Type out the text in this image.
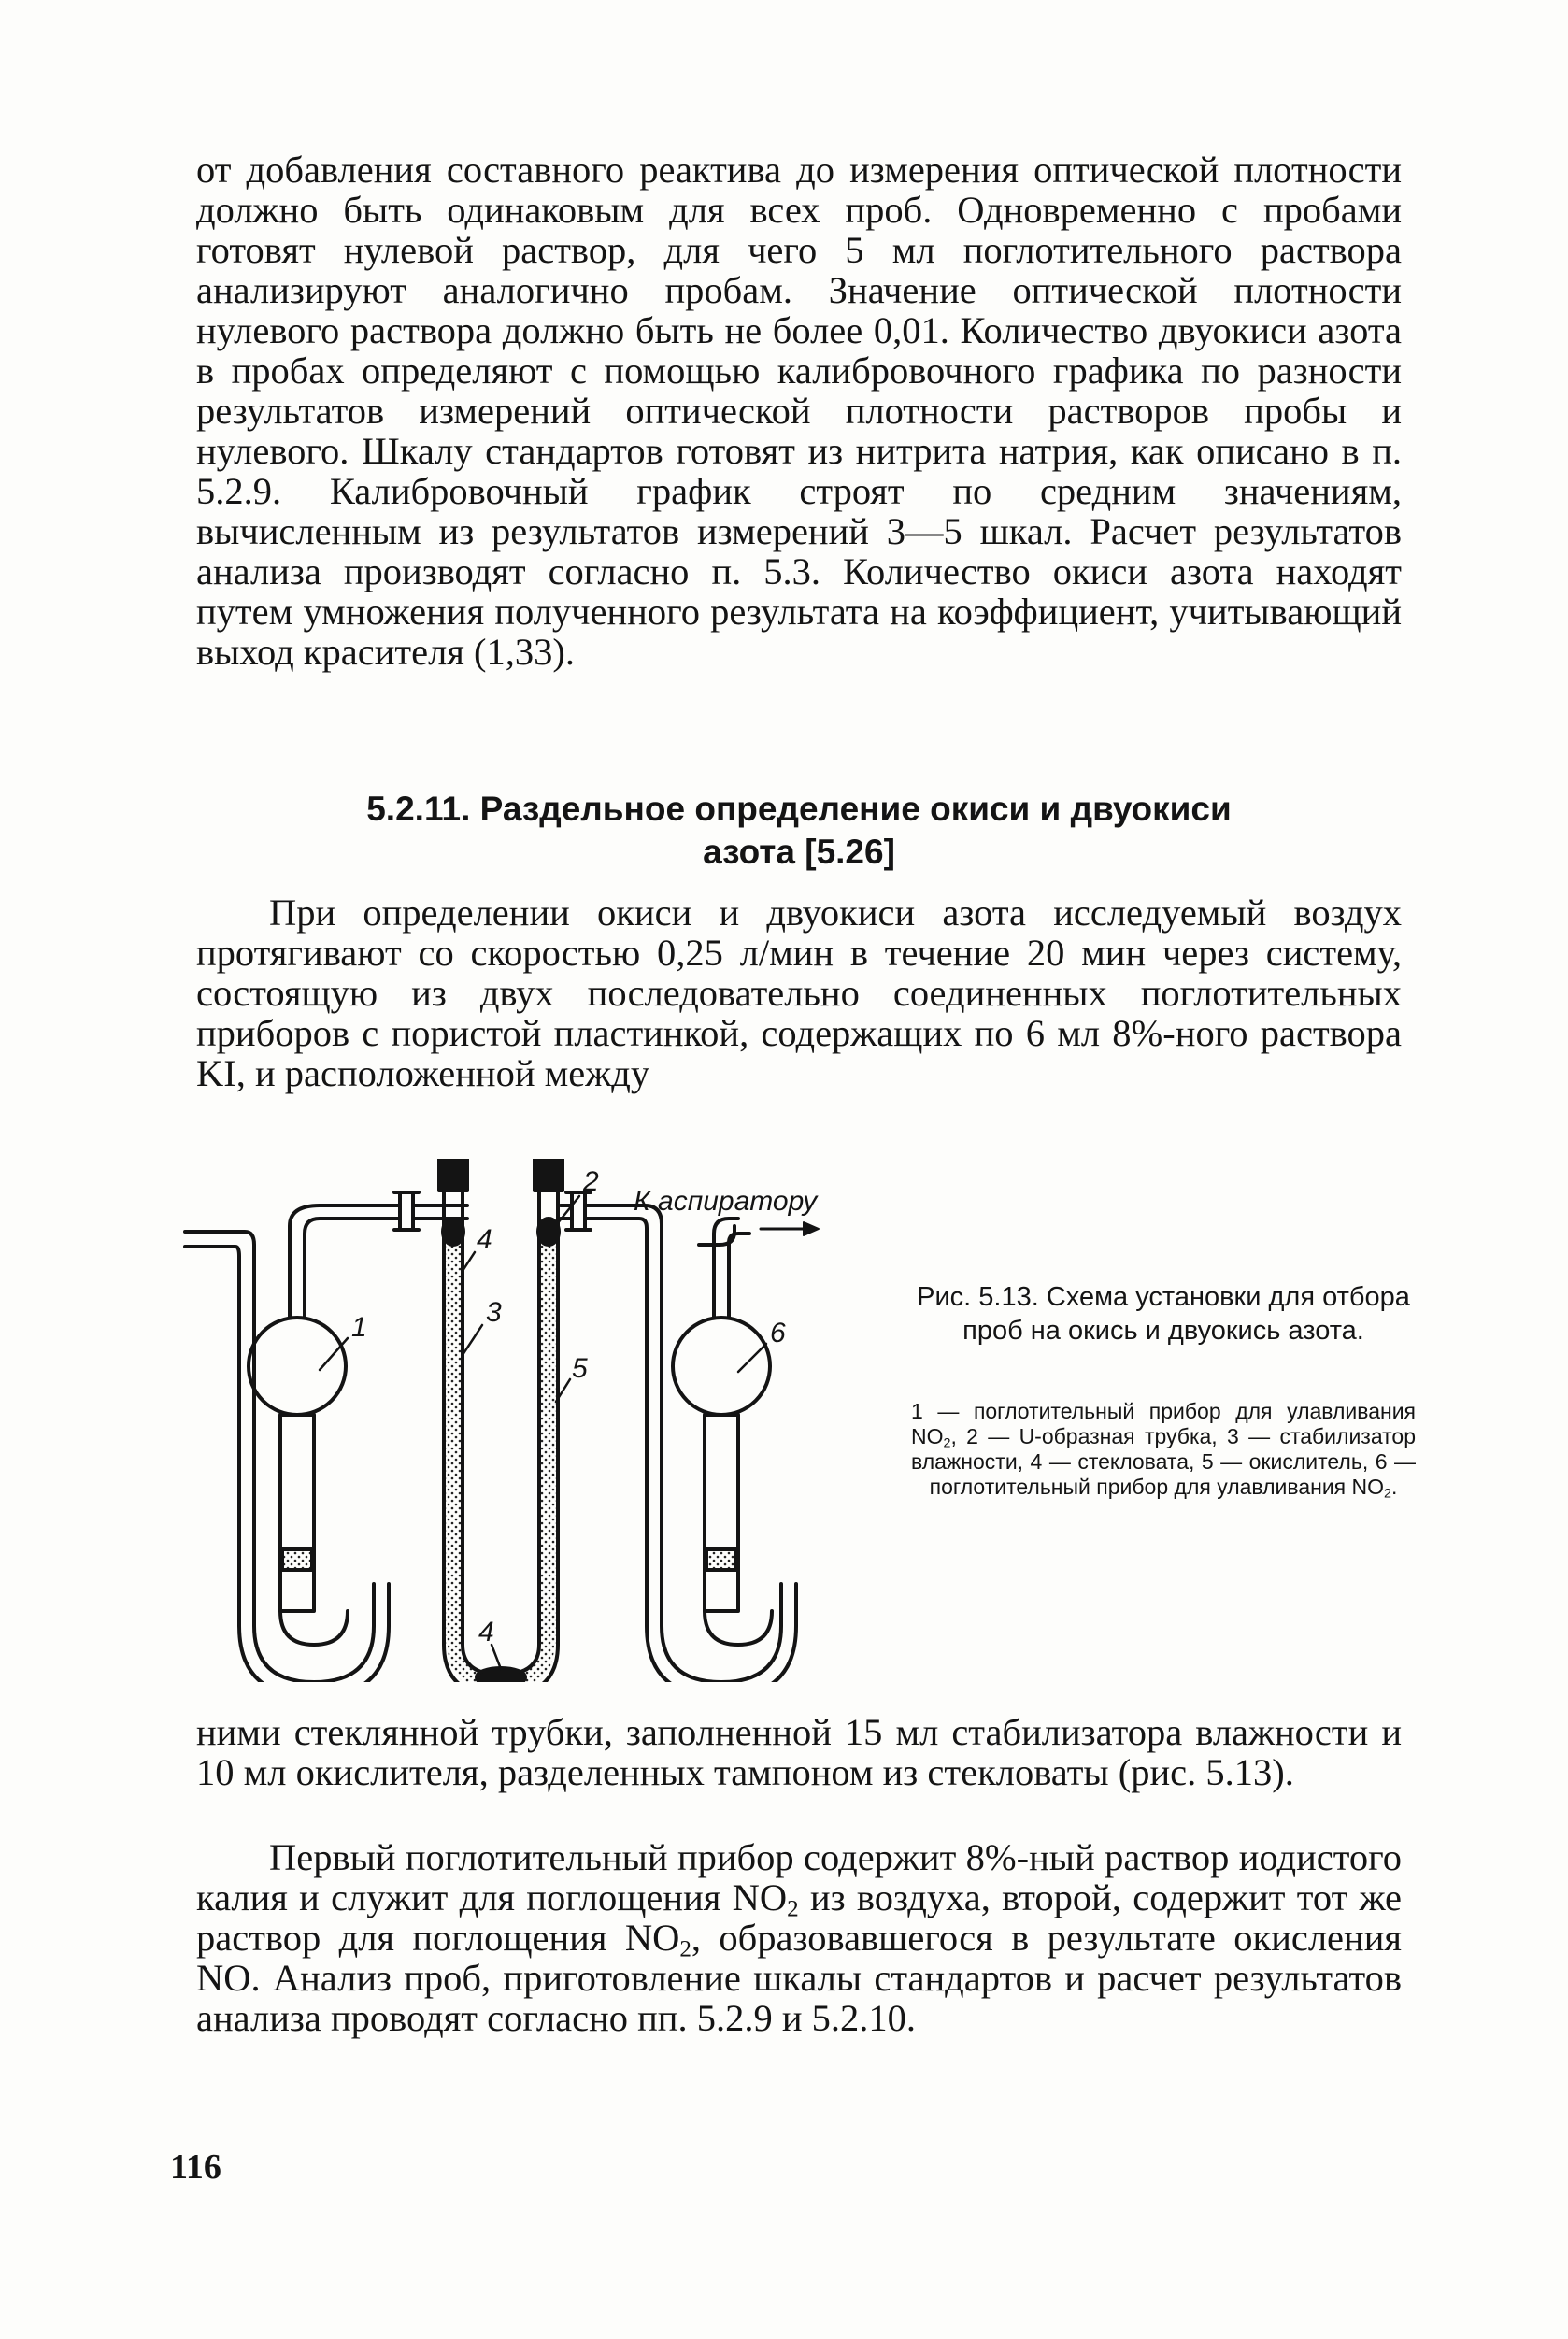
от добавления составного реактива до измерения оптической плотности должно быть одинаковым для всех проб. Одновременно с пробами готовят нулевой раствор, для чего 5 мл поглотительного раствора анализируют аналогично пробам. Значение оптической плотности нулевого раствора должно быть не более 0,01. Количество двуокиси азота в пробах определяют с помощью калибровочного графика по разности результатов измерений оптической плотности растворов пробы и нулевого. Шкалу стандартов готовят из нитрита натрия, как описано в п. 5.2.9. Калибровочный график строят по средним значениям, вычисленным из результатов измерений 3—5 шкал. Расчет результатов анализа производят согласно п. 5.3. Количество окиси азота находят путем умножения полученного результата на коэффициент, учитывающий выход красителя (1,33).

5.2.11. Раздельное определение окиси и двуокиси
азота [5.26]

При определении окиси и двуокиси азота исследуемый воздух протягивают со скоростью 0,25 л/мин в течение 20 мин через систему, состоящую из двух последовательно соединенных поглотительных приборов с пористой пластинкой, содержащих по 6 мл 8%-ного раствора KI, и расположенной между

1
2
3
4
4
5
6
К аспиратору

Рис. 5.13. Схема установки для отбора проб на окись и двуокись азота.

1 — поглотительный прибор для улавливания $NO_2$, 2 — U-образная трубка, 3 — стабилизатор влажности, 4 — стекловата, 5 — окислитель, 6 — поглотительный прибор для улавливания $NO_2$.

ними стеклянной трубки, заполненной 15 мл стабилизатора влажности и 10 мл окислителя, разделенных тампоном из стекловаты (рис. 5.13).

Первый поглотительный прибор содержит 8%-ный раствор иодистого калия и служит для поглощения $NO_2$ из воздуха, второй, содержит тот же раствор для поглощения $NO_2$, образовавшегося в результате окисления NO. Анализ проб, приготовление шкалы стандартов и расчет результатов анализа проводят согласно пп. 5.2.9 и 5.2.10.

116
